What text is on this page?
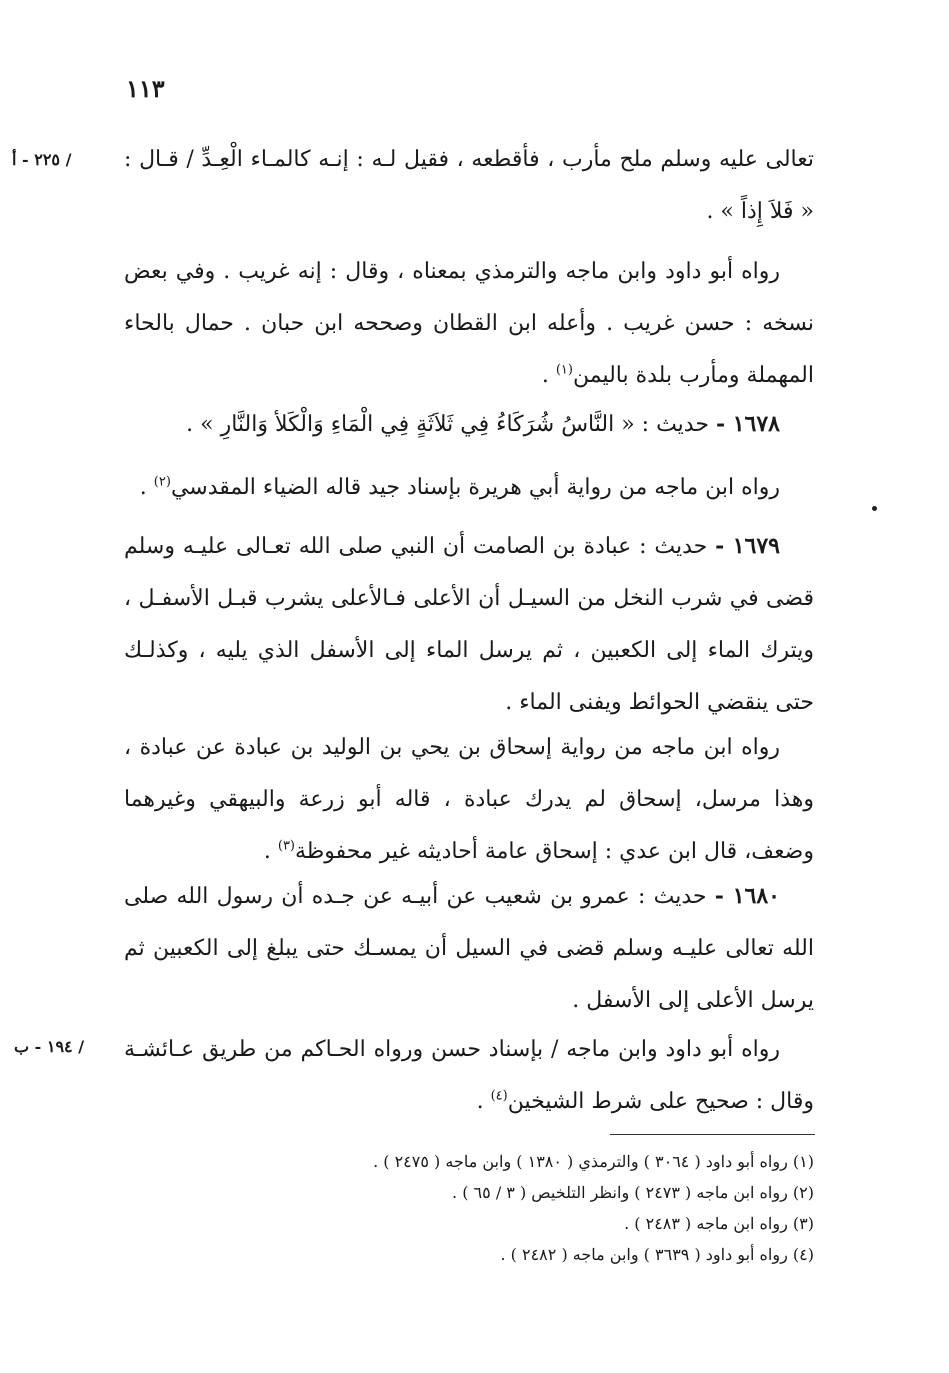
١١٣
/ ٢٢٥ - أ
/ ١٩٤ - ب

تعالى عليه وسلم ملح مأرب ، فأقطعه ، فقيل لـه : إنـه كالمـاء الْعِـدِّ / قـال : « فَلاَ إِذاً » .

رواه أبو داود وابن ماجه والترمذي بمعناه ، وقال : إنه غريب . وفي بعض نسخه : حسن غريب . وأعله ابن القطان وصححه ابن حبان . حمال بالحاء المهملة ومأرب بلدة باليمن$^{(١)}$ .

١٦٧٨ - حديث : « النَّاسُ شُرَكَاءُ فِي ثَلاَثَةٍ فِي الْمَاءِ وَالْكَلأ وَالنَّارِ » .

رواه ابن ماجه من رواية أبي هريرة بإسناد جيد قاله الضياء المقدسي$^{(٢)}$ .

١٦٧٩ - حديث : عبادة بن الصامت أن النبي صلى الله تعـالى عليـه وسلم قضى في شرب النخل من السيـل أن الأعلى فـالأعلى يشرب قبـل الأسفـل ، ويترك الماء إلى الكعبين ، ثم يرسل الماء إلى الأسفل الذي يليه ، وكذلـك حتى ينقضي الحوائط ويفنى الماء .

رواه ابن ماجه من رواية إسحاق بن يحي بن الوليد بن عبادة عن عبادة ، وهذا مرسل، إسحاق لم يدرك عبادة ، قاله أبو زرعة والبيهقي وغيرهما وضعف، قال ابن عدي : إسحاق عامة أحاديثه غير محفوظة$^{(٣)}$ .

١٦٨٠ - حديث : عمرو بن شعيب عن أبيـه عن جـده أن رسول الله صلى الله تعالى عليـه وسلم قضى في السيل أن يمسـك حتى يبلغ إلى الكعبين ثم يرسل الأعلى إلى الأسفل .

رواه أبو داود وابن ماجه / بإسناد حسن ورواه الحـاكم من طريق عـائشـة وقال : صحيح على شرط الشيخين$^{(٤)}$ .

(١) رواه أبو داود ( ٣٠٦٤ ) والترمذي ( ١٣٨٠ ) وابن ماجه ( ٢٤٧٥ ) .
(٢) رواه ابن ماجه ( ٢٤٧٣ ) وانظر التلخيص ( ٣ / ٦٥ ) .
(٣) رواه ابن ماجه ( ٢٤٨٣ ) .
(٤) رواه أبو داود ( ٣٦٣٩ ) وابن ماجه ( ٢٤٨٢ ) .
